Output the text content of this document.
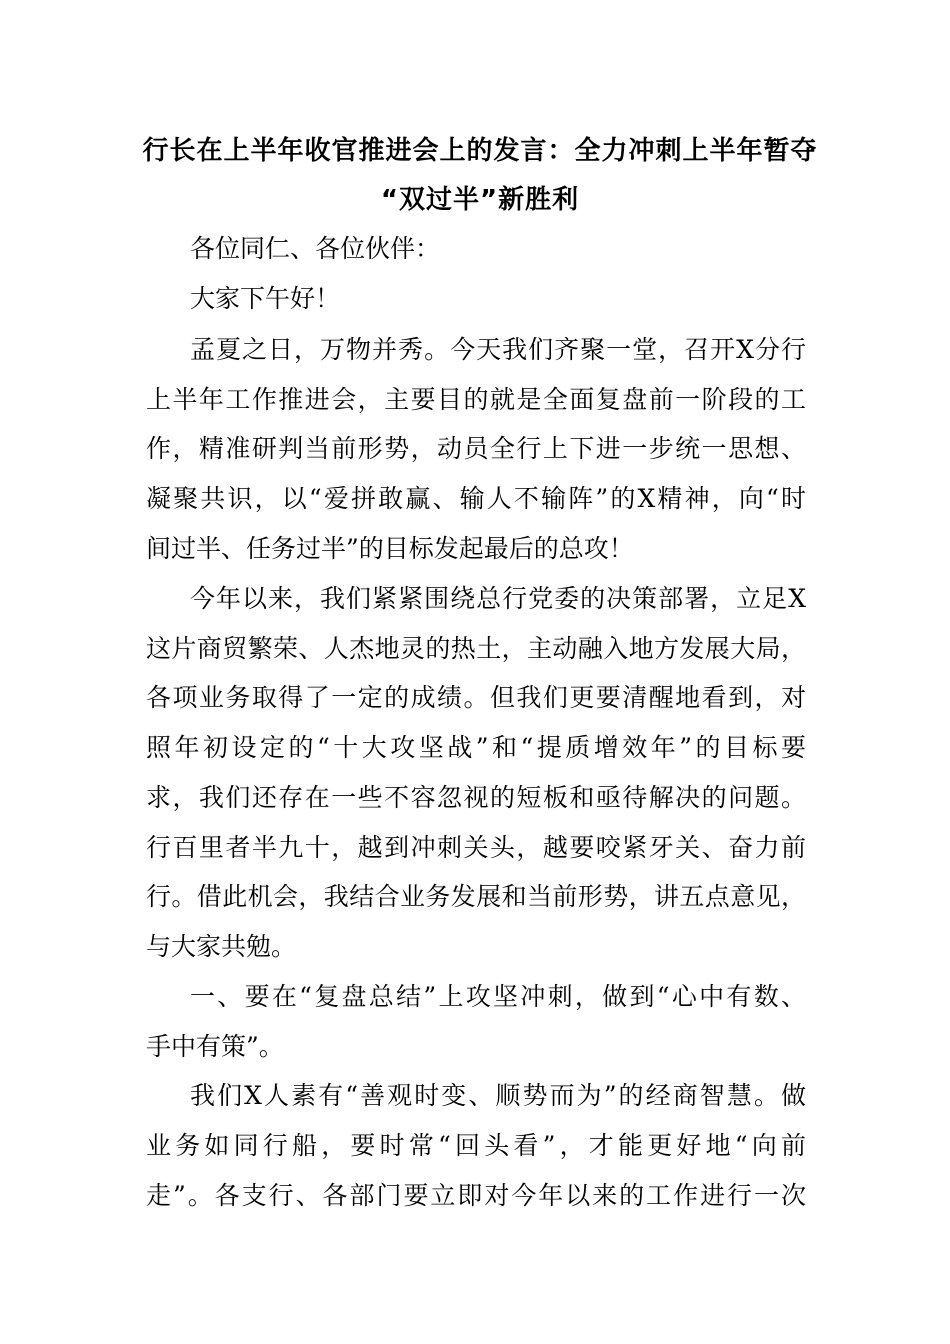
行长在上半年收官推进会上的发言：全力冲刺上半年暂夺
“双过半”新胜利
各位同仁、各位伙伴：
大家下午好！
孟夏之日，万物并秀。今天我们齐聚一堂，召开X分行
上半年工作推进会，主要目的就是全面复盘前一阶段的工
作，精准研判当前形势，动员全行上下进一步统一思想、
凝聚共识，以“爱拼敢赢、输人不输阵”的X精神，向“时
间过半、任务过半”的目标发起最后的总攻！
今年以来，我们紧紧围绕总行党委的决策部署，立足X
这片商贸繁荣、人杰地灵的热土，主动融入地方发展大局，
各项业务取得了一定的成绩。但我们更要清醒地看到，对
照年初设定的“十大攻坚战”和“提质增效年”的目标要
求，我们还存在一些不容忽视的短板和亟待解决的问题。
行百里者半九十，越到冲刺关头，越要咬紧牙关、奋力前
行。借此机会，我结合业务发展和当前形势，讲五点意见，
与大家共勉。
一、要在“复盘总结”上攻坚冲刺，做到“心中有数、
手中有策”。
我们X人素有“善观时变、顺势而为”的经商智慧。做
业务如同行船，要时常“回头看”，才能更好地“向前
走”。各支行、各部门要立即对今年以来的工作进行一次
